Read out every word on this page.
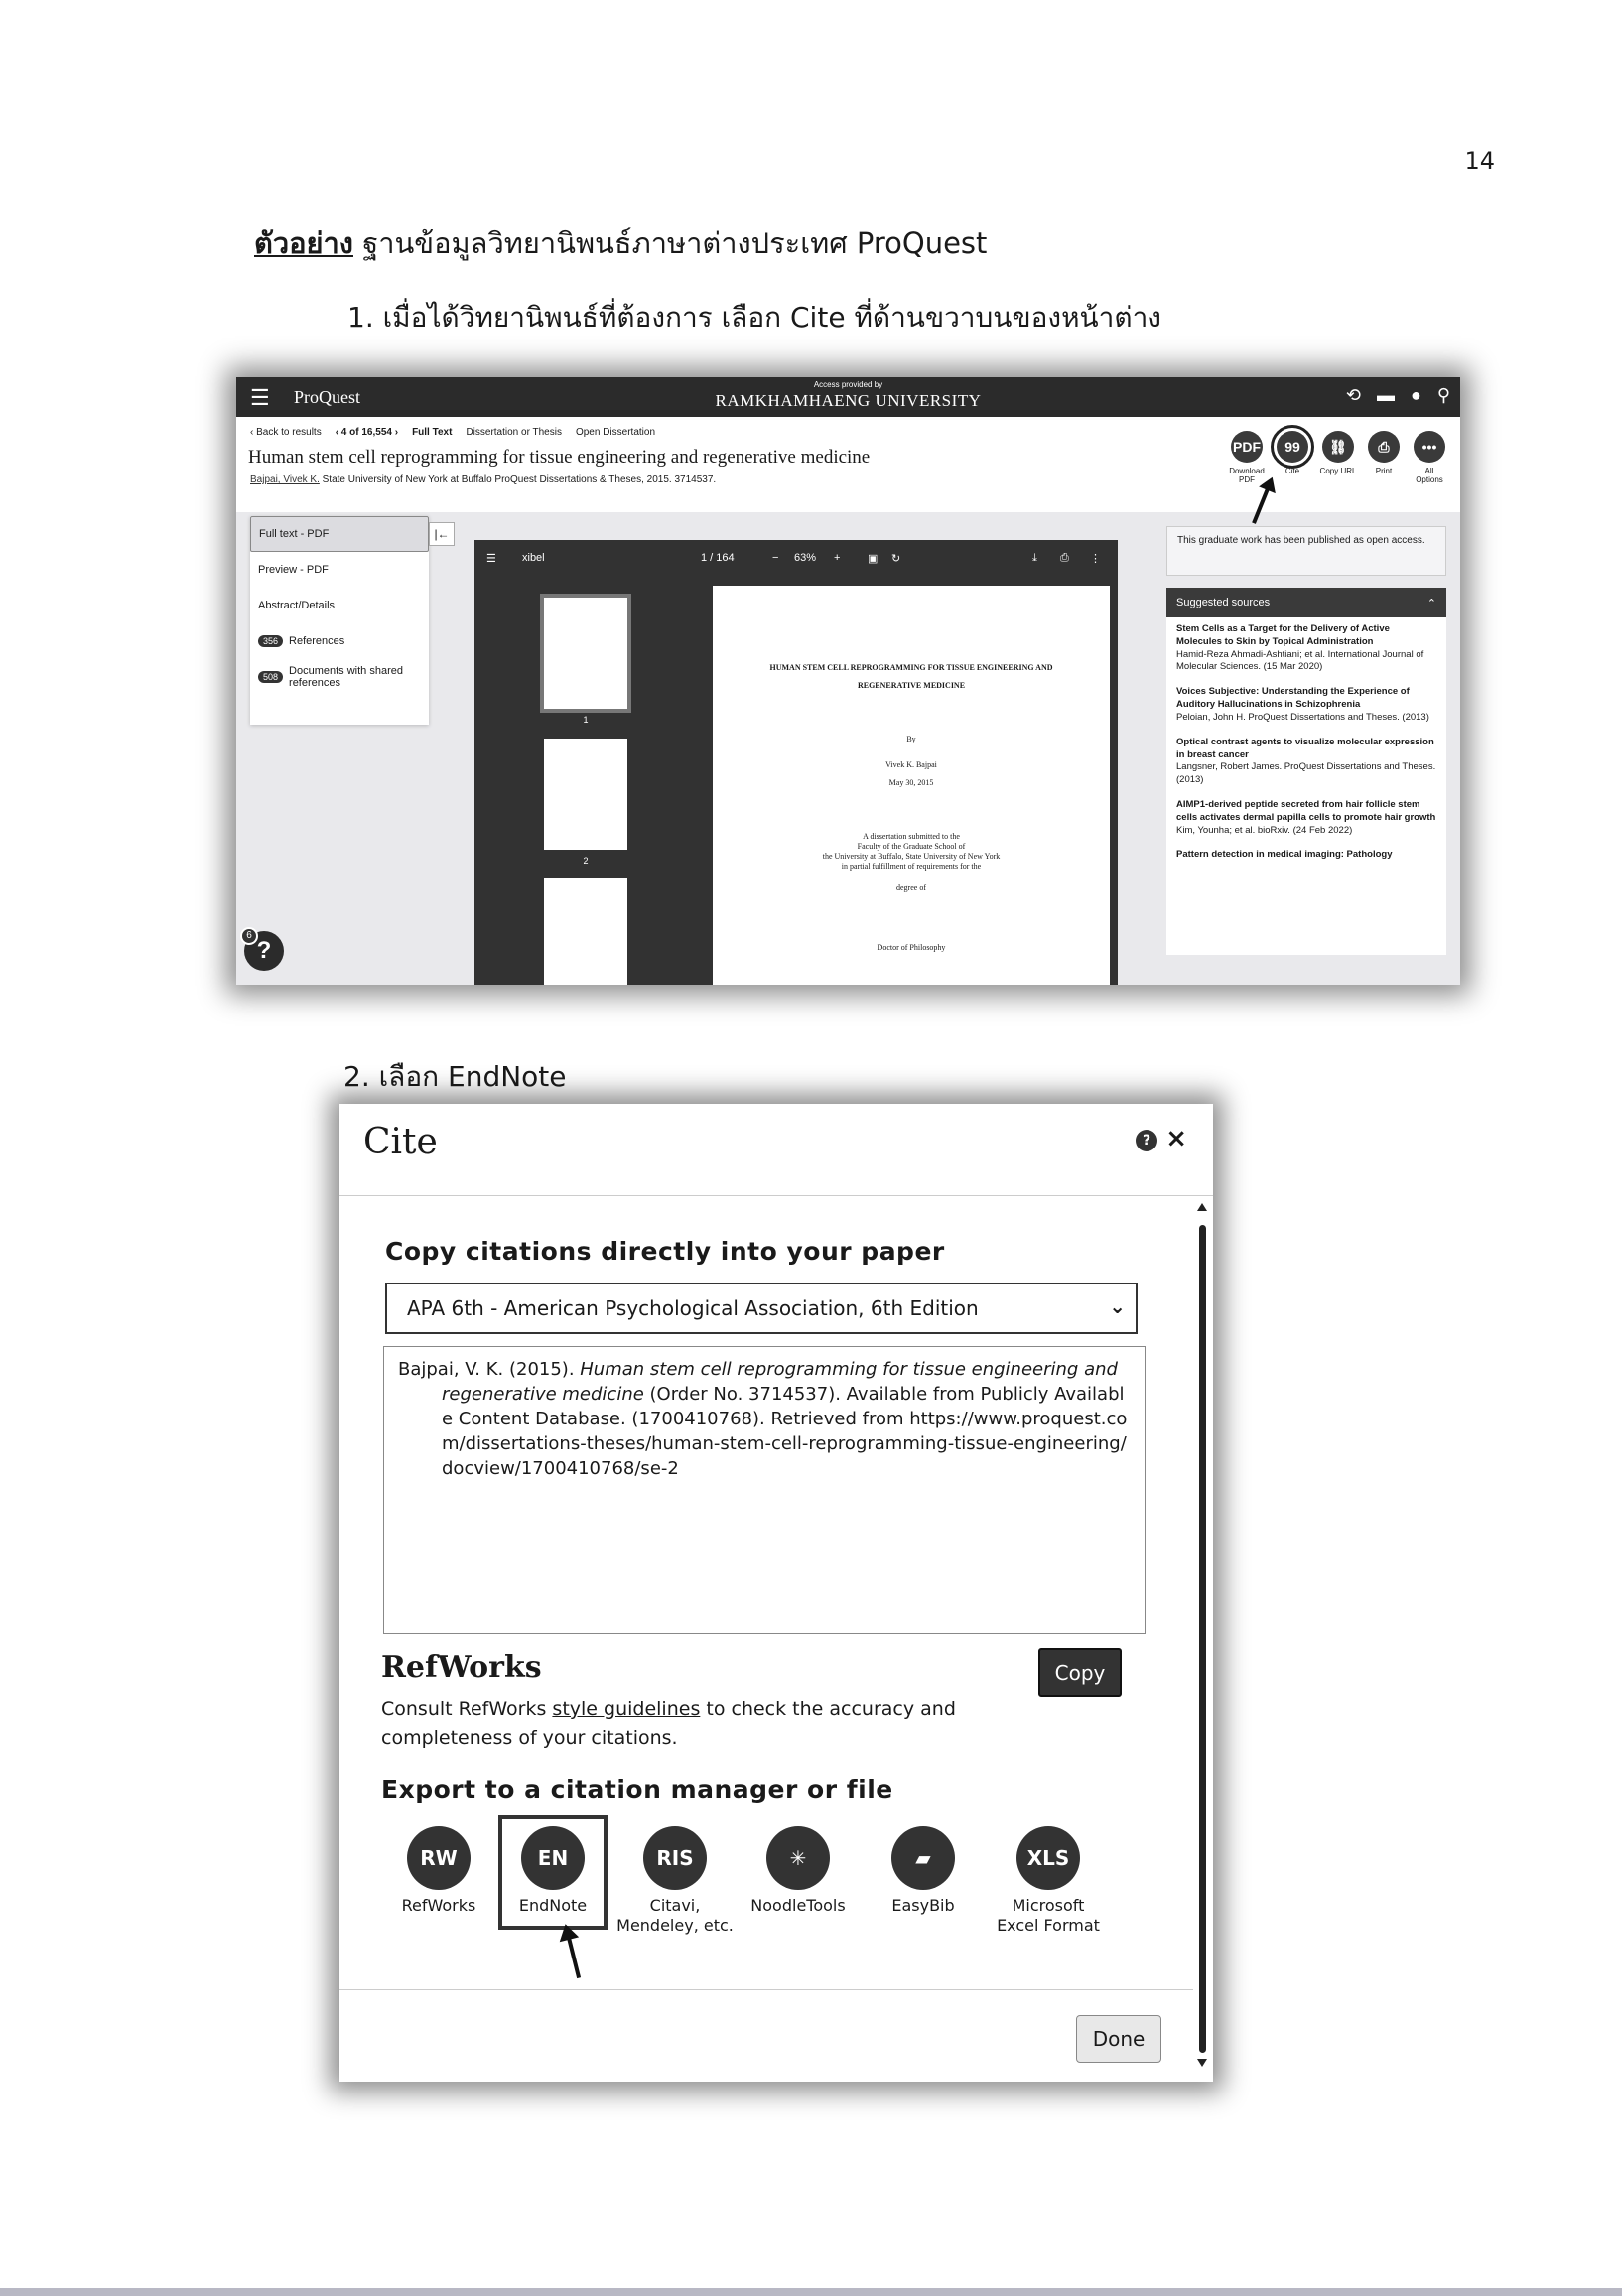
14
ตัวอย่าง ฐานข้อมูลวิทยานิพนธ์ภาษาต่างประเทศ ProQuest
1. เมื่อได้วิทยานิพนธ์ที่ต้องการ เลือก Cite ที่ด้านขวาบนของหน้าต่าง
☰ ProQuest
Access provided by
RAMKHAMHAENG UNIVERSITY	⟲ ▬ ● ⚲
‹ Back to results ‹ 4 of 16,554 › Full Text Dissertation or Thesis Open Dissertation
Human stem cell reprogramming for tissue engineering and regenerative medicine
Bajpai, Vivek K. State University of New York at Buffalo ProQuest Dissertations & Theses, 2015. 3714537.
PDF
Download PDF
99
Cite
⛓
Copy URL
⎙
Print
•••
All Options
Full text - PDF
Preview - PDF
Abstract/Details
356	References
508	Documents with shared references
|←
☰ xibel	1 / 164	− 63% +	▣ ↻	⤓ ⎙ ⋮
1
2

HUMAN STEM CELL REPROGRAMMING FOR TISSUE ENGINEERING AND

REGENERATIVE MEDICINE

By

Vivek K. Bajpai

May 30, 2015

A dissertation submitted to the

Faculty of the Graduate School of

the University at Buffalo, State University of New York

in partial fulfillment of requirements for the

degree of

Doctor of Philosophy

This graduate work has been published as open access.
Suggested sources	⌃
Stem Cells as a Target for the Delivery of Active Molecules to Skin by Topical Administration
Hamid-Reza Ahmadi-Ashtiani; et al. International Journal of Molecular Sciences. (15 Mar 2020)
Voices Subjective: Understanding the Experience of Auditory Hallucinations in Schizophrenia
Peloian, John H. ProQuest Dissertations and Theses. (2013)
Optical contrast agents to visualize molecular expression in breast cancer
Langsner, Robert James. ProQuest Dissertations and Theses. (2013)
AIMP1-derived peptide secreted from hair follicle stem cells activates dermal papilla cells to promote hair growth
Kim, Younha; et al. bioRxiv. (24 Feb 2022)
Pattern detection in medical imaging: Pathology
?
6
2. เลือก EndNote
Cite	? ×
Copy citations directly into your paper
APA 6th - American Psychological Association, 6th Edition	⌄
Bajpai, V. K. (2015). Human stem cell reprogramming for tissue engineering and regenerative medicine (Order No. 3714537). Available from Publicly Available Content Database. (1700410768). Retrieved from https://www.proquest.com/dissertations-theses/human-stem-cell-reprogramming-tissue-engineering/docview/1700410768/se-2
RefWorks	Copy
Consult RefWorks style guidelines to check the accuracy and completeness of your citations.
Export to a citation manager or file
RW
RefWorks
EN
EndNote
RIS
Citavi, Mendeley, etc.
✳
NoodleTools
▰
EasyBib
XLS
Microsoft Excel Format
Done
